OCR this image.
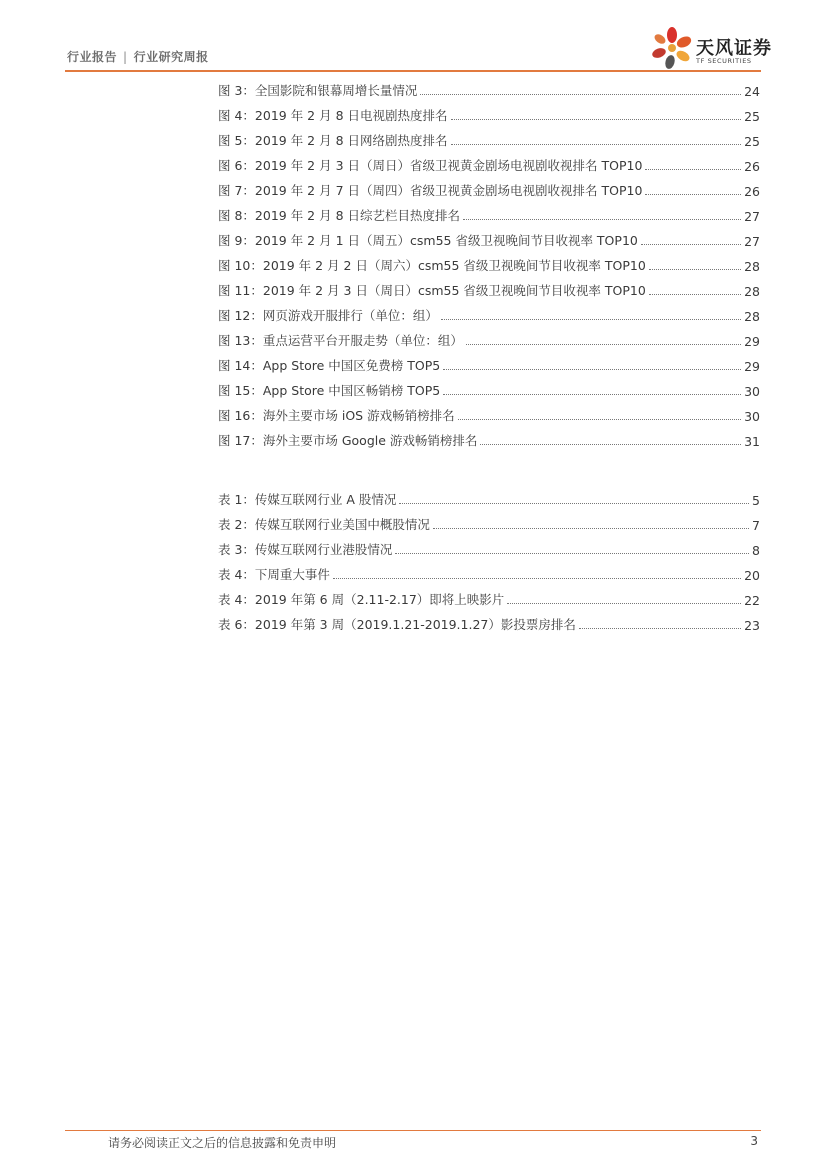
行业报告 | 行业研究周报	天风证券
TF SECURITIES
图 3：全国影院和银幕周增长量情况	24
图 4：2019 年 2 月 8 日电视剧热度排名	25
图 5：2019 年 2 月 8 日网络剧热度排名	25
图 6：2019 年 2 月 3 日（周日）省级卫视黄金剧场电视剧收视排名 TOP10	26
图 7：2019 年 2 月 7 日（周四）省级卫视黄金剧场电视剧收视排名 TOP10	26
图 8：2019 年 2 月 8 日综艺栏目热度排名	27
图 9：2019 年 2 月 1 日（周五）csm55 省级卫视晚间节目收视率 TOP10	27
图 10：2019 年 2 月 2 日（周六）csm55 省级卫视晚间节目收视率 TOP10	28
图 11：2019 年 2 月 3 日（周日）csm55 省级卫视晚间节目收视率 TOP10	28
图 12：网页游戏开服排行（单位：组）	28
图 13：重点运营平台开服走势（单位：组）	29
图 14：App Store 中国区免费榜 TOP5	29
图 15：App Store 中国区畅销榜 TOP5	30
图 16：海外主要市场 iOS 游戏畅销榜排名	30
图 17：海外主要市场 Google 游戏畅销榜排名	31
表 1：传媒互联网行业 A 股情况	5
表 2：传媒互联网行业美国中概股情况	7
表 3：传媒互联网行业港股情况	8
表 4：下周重大事件	20
表 4：2019 年第 6 周（2.11-2.17）即将上映影片	22
表 6：2019 年第 3 周（2019.1.21-2019.1.27）影投票房排名	23
请务必阅读正文之后的信息披露和免责申明	3
